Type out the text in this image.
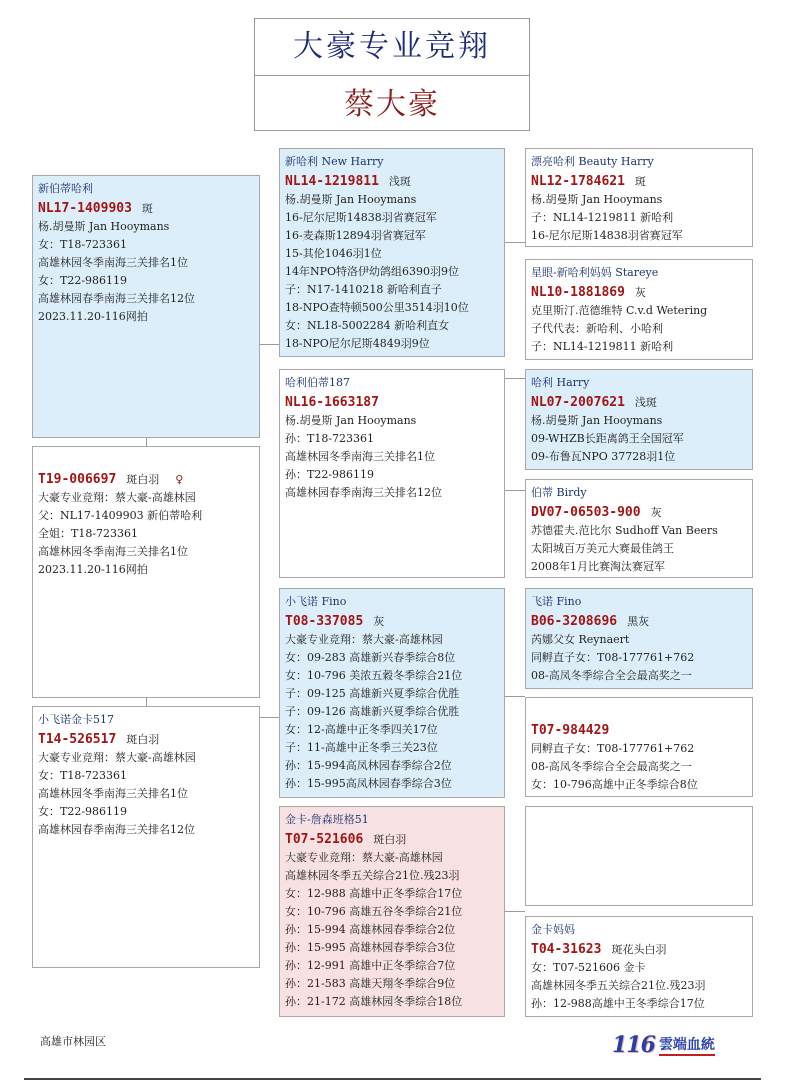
大豪专业竞翔
蔡大豪
新伯蒂哈利
NL17-1409903 斑
杨.胡曼斯 Jan Hooymans
女：T18-723361
高雄林园冬季南海三关排名1位
女：T22-986119
高雄林园春季南海三关排名12位
2023.11.20-116网拍
T19-006697 斑白羽 ♀
大豪专业竞翔：蔡大豪-高雄林园
父：NL17-1409903 新伯蒂哈利
全姐：T18-723361
高雄林园冬季南海三关排名1位
2023.11.20-116网拍
小飞诺金卡517
T14-526517 斑白羽
大豪专业竞翔：蔡大豪-高雄林园
女：T18-723361
高雄林园冬季南海三关排名1位
女：T22-986119
高雄林园春季南海三关排名12位
新哈利 New Harry
NL14-1219811 浅斑
杨.胡曼斯 Jan Hooymans
16-尼尔尼斯14838羽省赛冠军
16-麦森斯12894羽省赛冠军
15-其伦1046羽1位
14年NPO特洛伊幼鸽组6390羽9位
子：N17-1410218 新哈利直子
18-NPO查特顿500公里3514羽10位
女：NL18-5002284 新哈利直女
18-NPO尼尔尼斯4849羽9位
哈利伯蒂187
NL16-1663187
杨.胡曼斯 Jan Hooymans
孙：T18-723361
高雄林园冬季南海三关排名1位
孙：T22-986119
高雄林园春季南海三关排名12位
小飞诺 Fino
T08-337085 灰
大豪专业竞翔：蔡大豪-高雄林园
女：09-283 高雄新兴春季综合8位
女：10-796 美浓五穀冬季综合21位
子：09-125 高雄新兴夏季综合优胜
子：09-126 高雄新兴夏季综合优胜
女：12-高雄中正冬季四关17位
子：11-高雄中正冬季三关23位
孙：15-994高凤林园春季综合2位
孙：15-995高凤林园春季综合3位
金卡-詹森班格51
T07-521606 斑白羽
大豪专业竞翔：蔡大豪-高雄林园
高雄林园冬季五关综合21位.残23羽
女：12-988 高雄中正冬季综合17位
女：10-796 高雄五谷冬季综合21位
孙：15-994 高雄林园春季综合2位
孙：15-995 高雄林园春季综合3位
孙：12-991 高雄中正冬季综合7位
孙：21-583 高雄天翔冬季综合9位
孙：21-172 高雄林园冬季综合18位
漂亮哈利 Beauty Harry
NL12-1784621 斑
杨.胡曼斯 Jan Hooymans
子：NL14-1219811 新哈利
16-尼尔尼斯14838羽省赛冠军
星眼-新哈利妈妈 Stareye
NL10-1881869 灰
克里斯汀.范德维特 C.v.d Wetering
子代代表：新哈利、小哈利
子：NL14-1219811 新哈利
哈利 Harry
NL07-2007621 浅斑
杨.胡曼斯 Jan Hooymans
09-WHZB长距离鸽王全国冠军
09-布鲁瓦NPO 37728羽1位
伯蒂 Birdy
DV07-06503-900 灰
苏德霍夫.范比尔 Sudhoff Van Beers
太阳城百万美元大赛最佳鸽王
2008年1月比赛淘汰赛冠军
飞诺 Fino
B06-3208696 黑灰
芮娜父女 Reynaert
同孵直子女：T08-177761+762
08-高凤冬季综合全会最高奖之一
T07-984429
同孵直子女：T08-177761+762
08-高凤冬季综合全会最高奖之一
女：10-796高雄中正冬季综合8位
金卡妈妈
T04-31623 斑花头白羽
女：T07-521606 金卡
高雄林园冬季五关综合21位.残23羽
孙：12-988高雄中王冬季综合17位
高雄市林园区	116 雲端血統
